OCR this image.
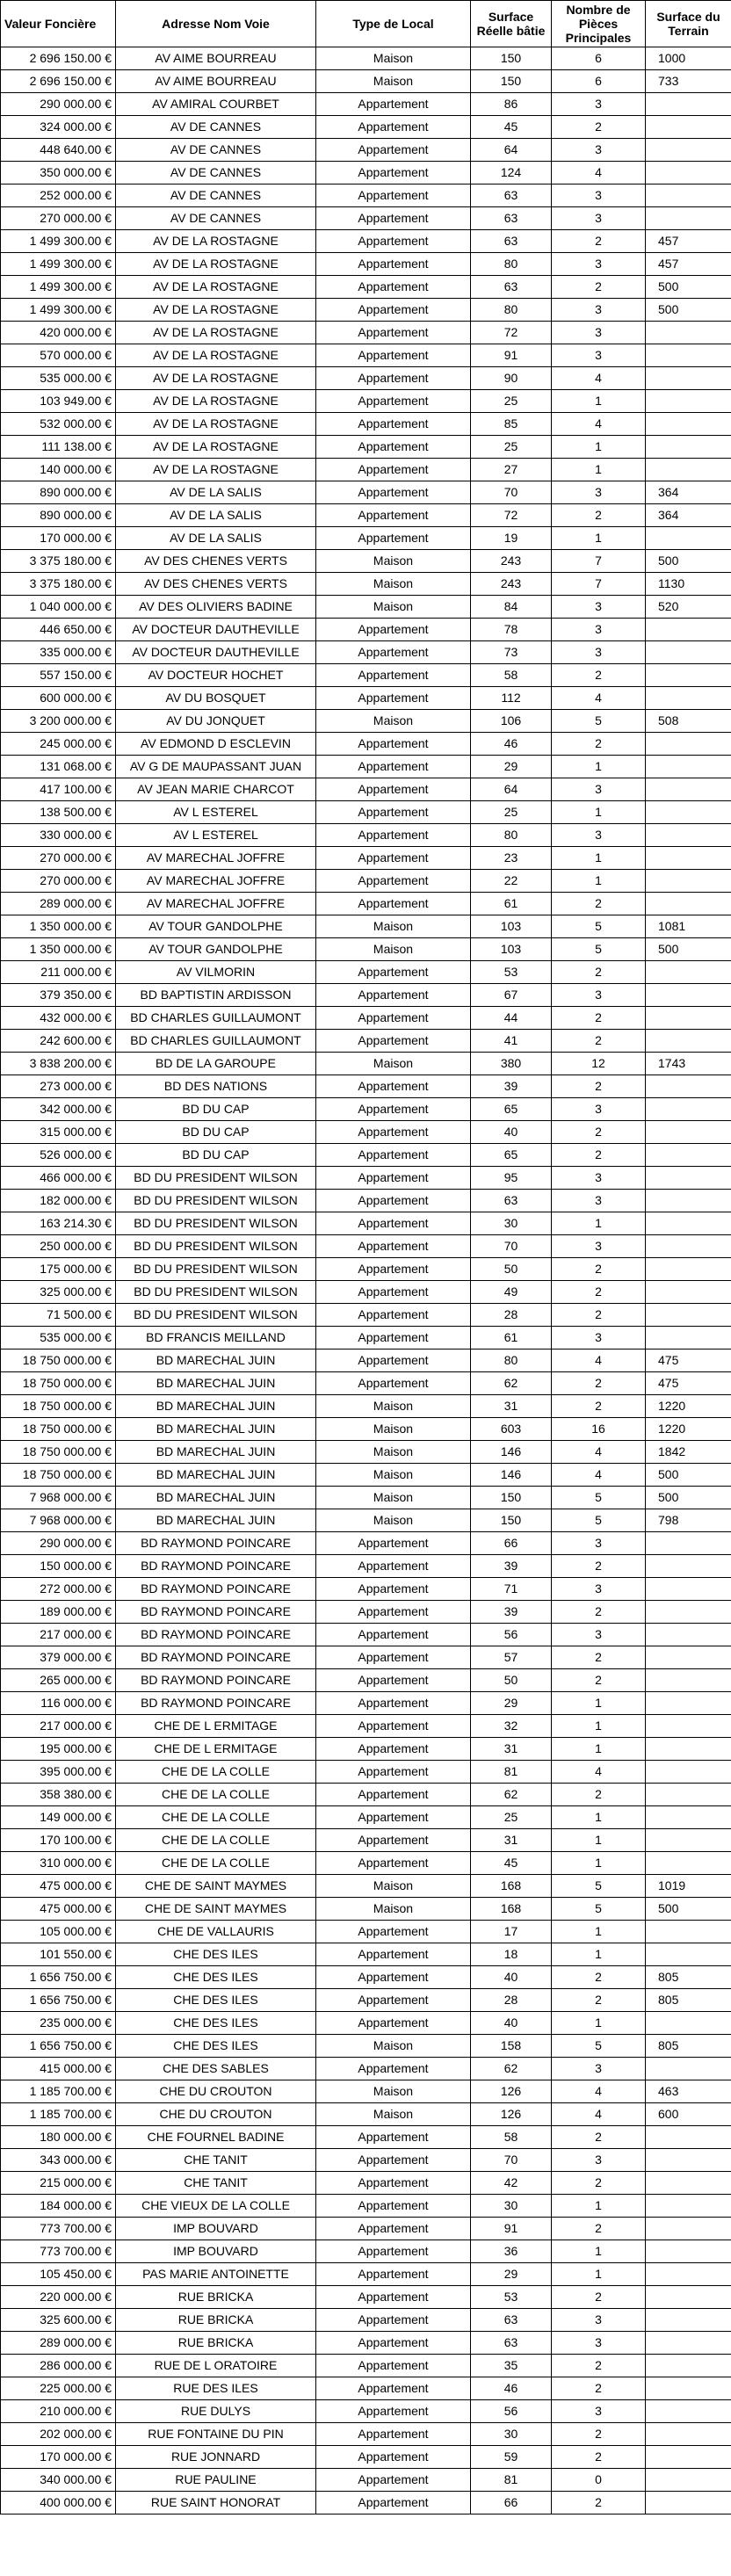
Valeur Foncière	Adresse Nom Voie	Type de Local	Surface Réelle bâtie	Nombre de Pièces Principales	Surface du Terrain
2 696 150.00 €	AV AIME BOURREAU	Maison	150	6	1000
2 696 150.00 €	AV AIME BOURREAU	Maison	150	6	733
290 000.00 €	AV AMIRAL COURBET	Appartement	86	3	
324 000.00 €	AV DE CANNES	Appartement	45	2	
448 640.00 €	AV DE CANNES	Appartement	64	3	
350 000.00 €	AV DE CANNES	Appartement	124	4	
252 000.00 €	AV DE CANNES	Appartement	63	3	
270 000.00 €	AV DE CANNES	Appartement	63	3	
1 499 300.00 €	AV DE LA ROSTAGNE	Appartement	63	2	457
1 499 300.00 €	AV DE LA ROSTAGNE	Appartement	80	3	457
1 499 300.00 €	AV DE LA ROSTAGNE	Appartement	63	2	500
1 499 300.00 €	AV DE LA ROSTAGNE	Appartement	80	3	500
420 000.00 €	AV DE LA ROSTAGNE	Appartement	72	3	
570 000.00 €	AV DE LA ROSTAGNE	Appartement	91	3	
535 000.00 €	AV DE LA ROSTAGNE	Appartement	90	4	
103 949.00 €	AV DE LA ROSTAGNE	Appartement	25	1	
532 000.00 €	AV DE LA ROSTAGNE	Appartement	85	4	
111 138.00 €	AV DE LA ROSTAGNE	Appartement	25	1	
140 000.00 €	AV DE LA ROSTAGNE	Appartement	27	1	
890 000.00 €	AV DE LA SALIS	Appartement	70	3	364
890 000.00 €	AV DE LA SALIS	Appartement	72	2	364
170 000.00 €	AV DE LA SALIS	Appartement	19	1	
3 375 180.00 €	AV DES CHENES VERTS	Maison	243	7	500
3 375 180.00 €	AV DES CHENES VERTS	Maison	243	7	1130
1 040 000.00 €	AV DES OLIVIERS BADINE	Maison	84	3	520
446 650.00 €	AV DOCTEUR DAUTHEVILLE	Appartement	78	3	
335 000.00 €	AV DOCTEUR DAUTHEVILLE	Appartement	73	3	
557 150.00 €	AV DOCTEUR HOCHET	Appartement	58	2	
600 000.00 €	AV DU BOSQUET	Appartement	112	4	
3 200 000.00 €	AV DU JONQUET	Maison	106	5	508
245 000.00 €	AV EDMOND D ESCLEVIN	Appartement	46	2	
131 068.00 €	AV G DE MAUPASSANT JUAN	Appartement	29	1	
417 100.00 €	AV JEAN MARIE CHARCOT	Appartement	64	3	
138 500.00 €	AV L ESTEREL	Appartement	25	1	
330 000.00 €	AV L ESTEREL	Appartement	80	3	
270 000.00 €	AV MARECHAL JOFFRE	Appartement	23	1	
270 000.00 €	AV MARECHAL JOFFRE	Appartement	22	1	
289 000.00 €	AV MARECHAL JOFFRE	Appartement	61	2	
1 350 000.00 €	AV TOUR GANDOLPHE	Maison	103	5	1081
1 350 000.00 €	AV TOUR GANDOLPHE	Maison	103	5	500
211 000.00 €	AV VILMORIN	Appartement	53	2	
379 350.00 €	BD BAPTISTIN ARDISSON	Appartement	67	3	
432 000.00 €	BD CHARLES GUILLAUMONT	Appartement	44	2	
242 600.00 €	BD CHARLES GUILLAUMONT	Appartement	41	2	
3 838 200.00 €	BD DE LA GAROUPE	Maison	380	12	1743
273 000.00 €	BD DES NATIONS	Appartement	39	2	
342 000.00 €	BD DU CAP	Appartement	65	3	
315 000.00 €	BD DU CAP	Appartement	40	2	
526 000.00 €	BD DU CAP	Appartement	65	2	
466 000.00 €	BD DU PRESIDENT WILSON	Appartement	95	3	
182 000.00 €	BD DU PRESIDENT WILSON	Appartement	63	3	
163 214.30 €	BD DU PRESIDENT WILSON	Appartement	30	1	
250 000.00 €	BD DU PRESIDENT WILSON	Appartement	70	3	
175 000.00 €	BD DU PRESIDENT WILSON	Appartement	50	2	
325 000.00 €	BD DU PRESIDENT WILSON	Appartement	49	2	
71 500.00 €	BD DU PRESIDENT WILSON	Appartement	28	2	
535 000.00 €	BD FRANCIS MEILLAND	Appartement	61	3	
18 750 000.00 €	BD MARECHAL JUIN	Appartement	80	4	475
18 750 000.00 €	BD MARECHAL JUIN	Appartement	62	2	475
18 750 000.00 €	BD MARECHAL JUIN	Maison	31	2	1220
18 750 000.00 €	BD MARECHAL JUIN	Maison	603	16	1220
18 750 000.00 €	BD MARECHAL JUIN	Maison	146	4	1842
18 750 000.00 €	BD MARECHAL JUIN	Maison	146	4	500
7 968 000.00 €	BD MARECHAL JUIN	Maison	150	5	500
7 968 000.00 €	BD MARECHAL JUIN	Maison	150	5	798
290 000.00 €	BD RAYMOND POINCARE	Appartement	66	3	
150 000.00 €	BD RAYMOND POINCARE	Appartement	39	2	
272 000.00 €	BD RAYMOND POINCARE	Appartement	71	3	
189 000.00 €	BD RAYMOND POINCARE	Appartement	39	2	
217 000.00 €	BD RAYMOND POINCARE	Appartement	56	3	
379 000.00 €	BD RAYMOND POINCARE	Appartement	57	2	
265 000.00 €	BD RAYMOND POINCARE	Appartement	50	2	
116 000.00 €	BD RAYMOND POINCARE	Appartement	29	1	
217 000.00 €	CHE DE L ERMITAGE	Appartement	32	1	
195 000.00 €	CHE DE L ERMITAGE	Appartement	31	1	
395 000.00 €	CHE DE LA COLLE	Appartement	81	4	
358 380.00 €	CHE DE LA COLLE	Appartement	62	2	
149 000.00 €	CHE DE LA COLLE	Appartement	25	1	
170 100.00 €	CHE DE LA COLLE	Appartement	31	1	
310 000.00 €	CHE DE LA COLLE	Appartement	45	1	
475 000.00 €	CHE DE SAINT MAYMES	Maison	168	5	1019
475 000.00 €	CHE DE SAINT MAYMES	Maison	168	5	500
105 000.00 €	CHE DE VALLAURIS	Appartement	17	1	
101 550.00 €	CHE DES ILES	Appartement	18	1	
1 656 750.00 €	CHE DES ILES	Appartement	40	2	805
1 656 750.00 €	CHE DES ILES	Appartement	28	2	805
235 000.00 €	CHE DES ILES	Appartement	40	1	
1 656 750.00 €	CHE DES ILES	Maison	158	5	805
415 000.00 €	CHE DES SABLES	Appartement	62	3	
1 185 700.00 €	CHE DU CROUTON	Maison	126	4	463
1 185 700.00 €	CHE DU CROUTON	Maison	126	4	600
180 000.00 €	CHE FOURNEL BADINE	Appartement	58	2	
343 000.00 €	CHE TANIT	Appartement	70	3	
215 000.00 €	CHE TANIT	Appartement	42	2	
184 000.00 €	CHE VIEUX DE LA COLLE	Appartement	30	1	
773 700.00 €	IMP BOUVARD	Appartement	91	2	
773 700.00 €	IMP BOUVARD	Appartement	36	1	
105 450.00 €	PAS MARIE ANTOINETTE	Appartement	29	1	
220 000.00 €	RUE BRICKA	Appartement	53	2	
325 600.00 €	RUE BRICKA	Appartement	63	3	
289 000.00 €	RUE BRICKA	Appartement	63	3	
286 000.00 €	RUE DE L ORATOIRE	Appartement	35	2	
225 000.00 €	RUE DES ILES	Appartement	46	2	
210 000.00 €	RUE DULYS	Appartement	56	3	
202 000.00 €	RUE FONTAINE DU PIN	Appartement	30	2	
170 000.00 €	RUE JONNARD	Appartement	59	2	
340 000.00 €	RUE PAULINE	Appartement	81	0	
400 000.00 €	RUE SAINT HONORAT	Appartement	66	2	
